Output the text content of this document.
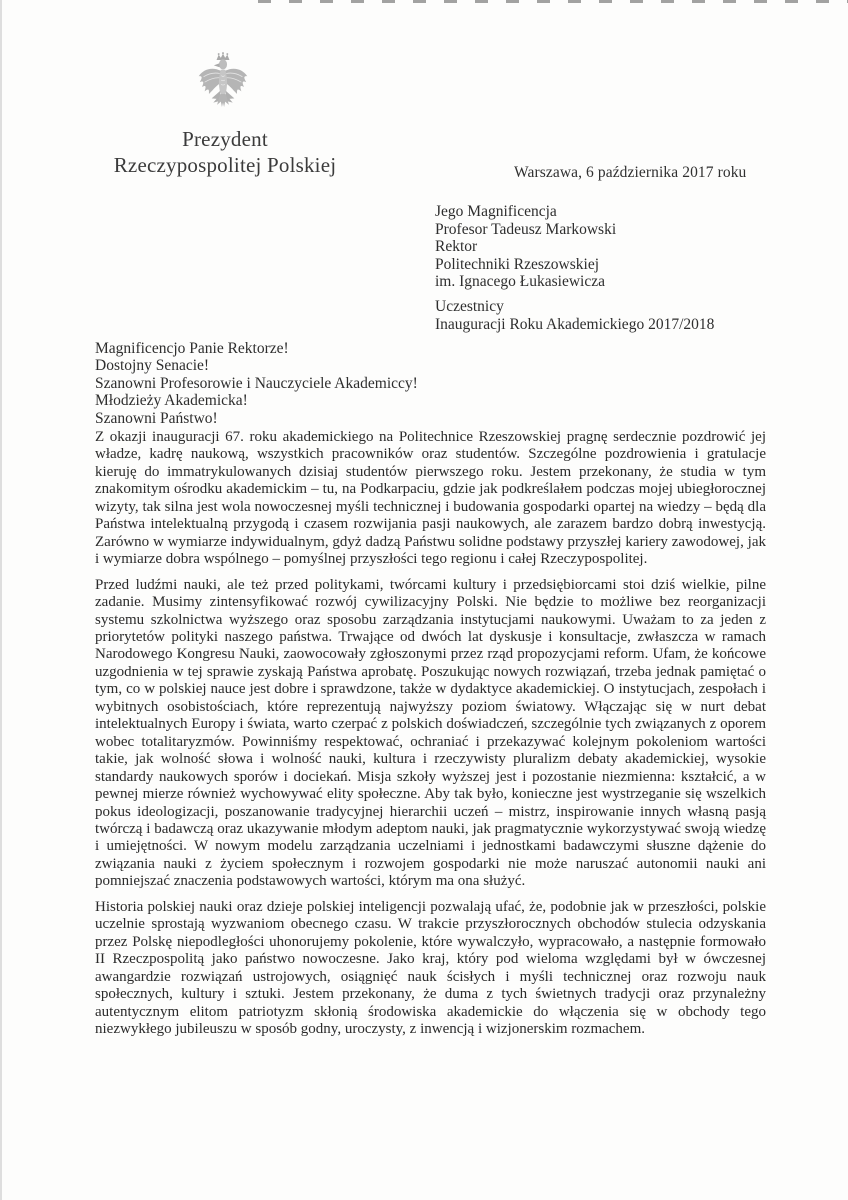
Prezydent
Rzeczypospolitej Polskiej	Warszawa, 6 października 2017 roku
Jego Magnificencja
Profesor Tadeusz Markowski
Rektor
Politechniki Rzeszowskiej
im. Ignacego Łukasiewicza
Uczestnicy
Inauguracji Roku Akademickiego 2017/2018
Magnificencjo Panie Rektorze!
Dostojny Senacie!
Szanowni Profesorowie i Nauczyciele Akademiccy!
Młodzieży Akademicka!
Szanowni Państwo!

Z okazji inauguracji 67. roku akademickiego na Politechnice Rzeszowskiej pragnę serdecznie pozdrowić jej władze, kadrę naukową, wszystkich pracowników oraz studentów. Szczególne pozdrowienia i gratulacje kieruję do immatrykulowanych dzisiaj studentów pierwszego roku. Jestem przekonany, że studia w tym znakomitym ośrodku akademickim – tu, na Podkarpaciu, gdzie jak podkreślałem podczas mojej ubiegłorocznej wizyty, tak silna jest wola nowoczesnej myśli technicznej i budowania gospodarki opartej na wiedzy – będą dla Państwa intelektualną przygodą i czasem rozwijania pasji naukowych, ale zarazem bardzo dobrą inwestycją. Zarówno w wymiarze indywidualnym, gdyż dadzą Państwu solidne podstawy przyszłej kariery zawodowej, jak i wymiarze dobra wspólnego – pomyślnej przyszłości tego regionu i całej Rzeczypospolitej.

Przed ludźmi nauki, ale też przed politykami, twórcami kultury i przedsiębiorcami stoi dziś wielkie, pilne zadanie. Musimy zintensyfikować rozwój cywilizacyjny Polski. Nie będzie to możliwe bez reorganizacji systemu szkolnictwa wyższego oraz sposobu zarządzania instytucjami naukowymi. Uważam to za jeden z priorytetów polityki naszego państwa. Trwające od dwóch lat dyskusje i konsultacje, zwłaszcza w ramach Narodowego Kongresu Nauki, zaowocowały zgłoszonymi przez rząd propozycjami reform. Ufam, że końcowe uzgodnienia w tej sprawie zyskają Państwa aprobatę. Poszukując nowych rozwiązań, trzeba jednak pamiętać o tym, co w polskiej nauce jest dobre i sprawdzone, także w dydaktyce akademickiej. O instytucjach, zespołach i wybitnych osobistościach, które reprezentują najwyższy poziom światowy. Włączając się w nurt debat intelektualnych Europy i świata, warto czerpać z polskich doświadczeń, szczególnie tych związanych z oporem wobec totalitaryzmów. Powinniśmy respektować, ochraniać i przekazywać kolejnym pokoleniom wartości takie, jak wolność słowa i wolność nauki, kultura i rzeczywisty pluralizm debaty akademickiej, wysokie standardy naukowych sporów i dociekań. Misja szkoły wyższej jest i pozostanie niezmienna: kształcić, a w pewnej mierze również wychowywać elity społeczne. Aby tak było, konieczne jest wystrzeganie się wszelkich pokus ideologizacji, poszanowanie tradycyjnej hierarchii uczeń – mistrz, inspirowanie innych własną pasją twórczą i badawczą oraz ukazywanie młodym adeptom nauki, jak pragmatycznie wykorzystywać swoją wiedzę i umiejętności. W nowym modelu zarządzania uczelniami i jednostkami badawczymi słuszne dążenie do związania nauki z życiem społecznym i rozwojem gospodarki nie może naruszać autonomii nauki ani pomniejszać znaczenia podstawowych wartości, którym ma ona służyć.

Historia polskiej nauki oraz dzieje polskiej inteligencji pozwalają ufać, że, podobnie jak w przeszłości, polskie uczelnie sprostają wyzwaniom obecnego czasu. W trakcie przyszłorocznych obchodów stulecia odzyskania przez Polskę niepodległości uhonorujemy pokolenie, które wywalczyło, wypracowało, a następnie formowało II Rzeczpospolitą jako państwo nowoczesne. Jako kraj, który pod wieloma względami był w ówczesnej awangardzie rozwiązań ustrojowych, osiągnięć nauk ścisłych i myśli technicznej oraz rozwoju nauk społecznych, kultury i sztuki. Jestem przekonany, że duma z tych świetnych tradycji oraz przynależny autentycznym elitom patriotyzm skłonią środowiska akademickie do włączenia się w obchody tego niezwykłego jubileuszu w sposób godny, uroczysty, z inwencją i wizjonerskim rozmachem.
